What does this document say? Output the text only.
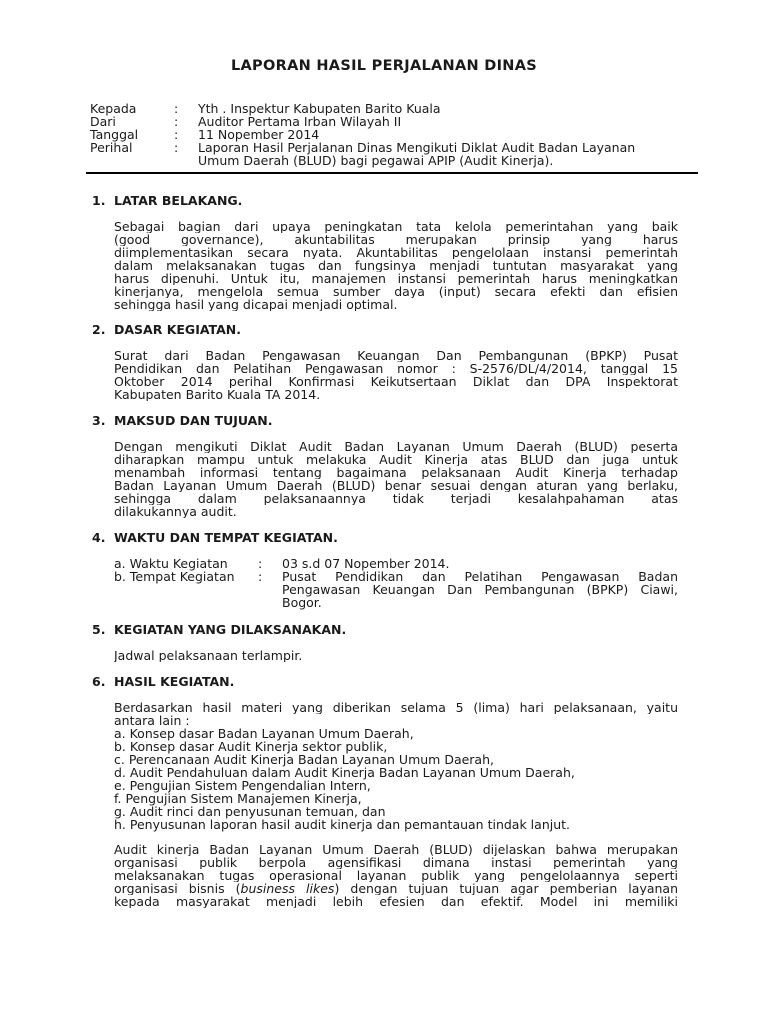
LAPORAN HASIL PERJALANAN DINAS
Kepada	:	Yth . Inspektur Kabupaten Barito Kuala
Dari	:	Auditor Pertama Irban Wilayah II
Tanggal	:	11 Nopember 2014
Perihal	:	Laporan Hasil Perjalanan Dinas Mengikuti Diklat Audit Badan Layanan
Umum Daerah (BLUD) bagi pegawai APIP (Audit Kinerja).
1. LATAR BELAKANG.
Sebagai bagian dari upaya peningkatan tata kelola pemerintahan yang baik
(good governance), akuntabilitas merupakan prinsip yang harus
diimplementasikan secara nyata. Akuntabilitas pengelolaan instansi pemerintah
dalam melaksanakan tugas dan fungsinya menjadi tuntutan masyarakat yang
harus dipenuhi. Untuk itu, manajemen instansi pemerintah harus meningkatkan
kinerjanya, mengelola semua sumber daya (input) secara efekti dan efisien
sehingga hasil yang dicapai menjadi optimal.
2. DASAR KEGIATAN.
Surat dari Badan Pengawasan Keuangan Dan Pembangunan (BPKP) Pusat
Pendidikan dan Pelatihan Pengawasan nomor : S-2576/DL/4/2014, tanggal 15
Oktober 2014 perihal Konfirmasi Keikutsertaan Diklat dan DPA Inspektorat
Kabupaten Barito Kuala TA 2014.
3. MAKSUD DAN TUJUAN.
Dengan mengikuti Diklat Audit Badan Layanan Umum Daerah (BLUD) peserta
diharapkan mampu untuk melakuka Audit Kinerja atas BLUD dan juga untuk
menambah informasi tentang bagaimana pelaksanaan Audit Kinerja terhadap
Badan Layanan Umum Daerah (BLUD) benar sesuai dengan aturan yang berlaku,
sehingga dalam pelaksanaannya tidak terjadi kesalahpahaman atas
dilakukannya audit.
4. WAKTU DAN TEMPAT KEGIATAN.
a. Waktu Kegiatan	:	03 s.d 07 Nopember 2014.
b. Tempat Kegiatan	:	Pusat Pendidikan dan Pelatihan Pengawasan Badan
Pengawasan Keuangan Dan Pembangunan (BPKP) Ciawi,
Bogor.
5. KEGIATAN YANG DILAKSANAKAN.
Jadwal pelaksanaan terlampir.
6. HASIL KEGIATAN.
Berdasarkan hasil materi yang diberikan selama 5 (lima) hari pelaksanaan, yaitu
antara lain :
a. Konsep dasar Badan Layanan Umum Daerah,
b. Konsep dasar Audit Kinerja sektor publik,
c. Perencanaan Audit Kinerja Badan Layanan Umum Daerah,
d. Audit Pendahuluan dalam Audit Kinerja Badan Layanan Umum Daerah,
e. Pengujian Sistem Pengendalian Intern,
f. Pengujian Sistem Manajemen Kinerja,
g. Audit rinci dan penyusunan temuan, dan
h. Penyusunan laporan hasil audit kinerja dan pemantauan tindak lanjut.
Audit kinerja Badan Layanan Umum Daerah (BLUD) dijelaskan bahwa merupakan
organisasi publik berpola agensifikasi dimana instasi pemerintah yang
melaksanakan tugas operasional layanan publik yang pengelolaannya seperti
organisasi bisnis (business likes) dengan tujuan tujuan agar pemberian layanan
kepada masyarakat menjadi lebih efesien dan efektif. Model ini memiliki
